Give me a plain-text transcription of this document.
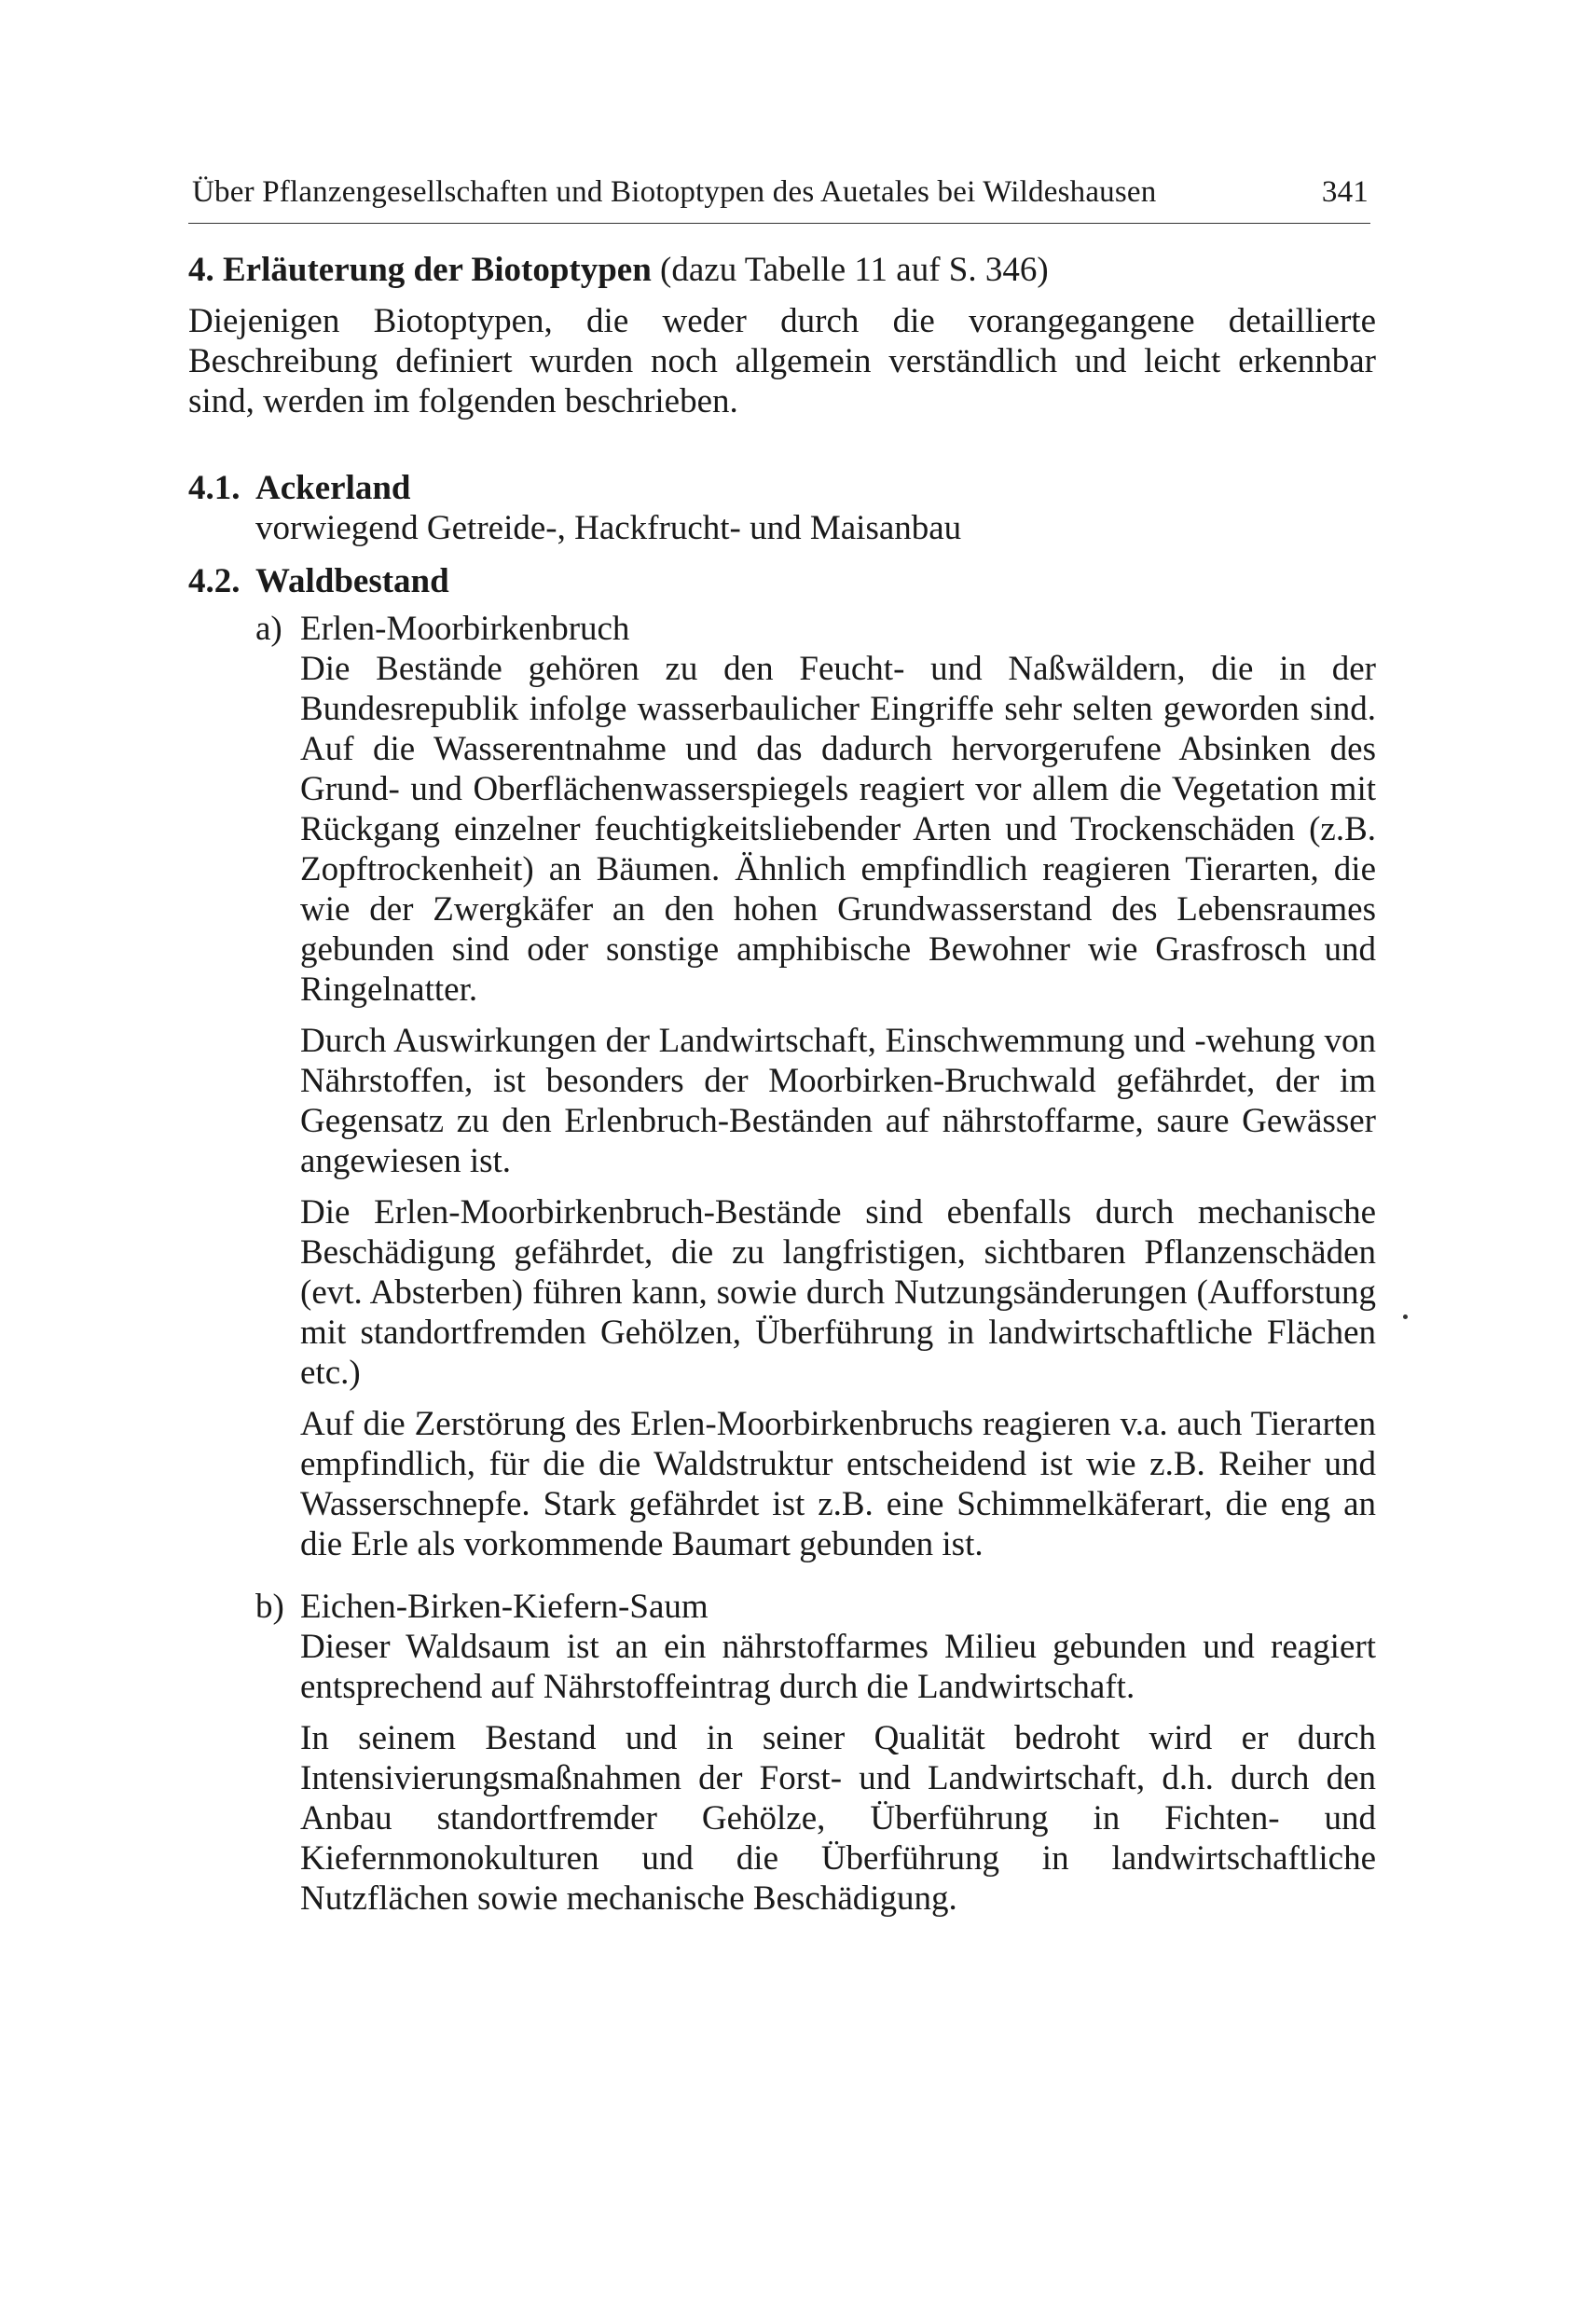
Über Pflanzengesellschaften und Biotoptypen des Auetales bei Wildeshausen	341
4. Erläuterung der Biotoptypen (dazu Tabelle 11 auf S. 346)

Diejenigen Biotoptypen, die weder durch die vorangegangene detaillierte Beschreibung definiert wurden noch allgemein verständlich und leicht erkennbar sind, werden im folgenden beschrieben.

4.1. Ackerland

vorwiegend Getreide-, Hackfrucht- und Maisanbau

4.2. Waldbestand
a) Erlen-Moorbirkenbruch

Die Bestände gehören zu den Feucht- und Naßwäldern, die in der Bundesrepublik infolge wasserbaulicher Eingriffe sehr selten geworden sind. Auf die Wasserentnahme und das dadurch hervorgerufene Absinken des Grund- und Oberflächenwasserspiegels reagiert vor allem die Vegetation mit Rückgang einzelner feuchtigkeitsliebender Arten und Trockenschäden (z.B. Zopftrockenheit) an Bäumen. Ähnlich empfindlich reagieren Tierarten, die wie der Zwergkäfer an den hohen Grundwasserstand des Lebensraumes gebunden sind oder sonstige amphibische Bewohner wie Grasfrosch und Ringelnatter.

Durch Auswirkungen der Landwirtschaft, Einschwemmung und -wehung von Nährstoffen, ist besonders der Moorbirken-Bruchwald gefährdet, der im Gegensatz zu den Erlenbruch-Beständen auf nährstoffarme, saure Gewässer angewiesen ist.

Die Erlen-Moorbirkenbruch-Bestände sind ebenfalls durch mechanische Beschädigung gefährdet, die zu langfristigen, sichtbaren Pflanzenschäden (evt. Absterben) führen kann, sowie durch Nutzungsänderungen (Aufforstung mit standortfremden Gehölzen, Überführung in landwirtschaftliche Flächen etc.)

Auf die Zerstörung des Erlen-Moorbirkenbruchs reagieren v.a. auch Tierarten empfindlich, für die die Waldstruktur entscheidend ist wie z.B. Reiher und Wasserschnepfe. Stark gefährdet ist z.B. eine Schimmelkäferart, die eng an die Erle als vorkommende Baumart gebunden ist.

b) Eichen-Birken-Kiefern-Saum

Dieser Waldsaum ist an ein nährstoffarmes Milieu gebunden und reagiert entsprechend auf Nährstoffeintrag durch die Landwirtschaft.

In seinem Bestand und in seiner Qualität bedroht wird er durch Intensivierungsmaßnahmen der Forst- und Landwirtschaft, d.h. durch den Anbau standortfremder Gehölze, Überführung in Fichten- und Kiefernmonokulturen und die Überführung in landwirtschaftliche Nutzflächen sowie mechanische Beschädigung.
